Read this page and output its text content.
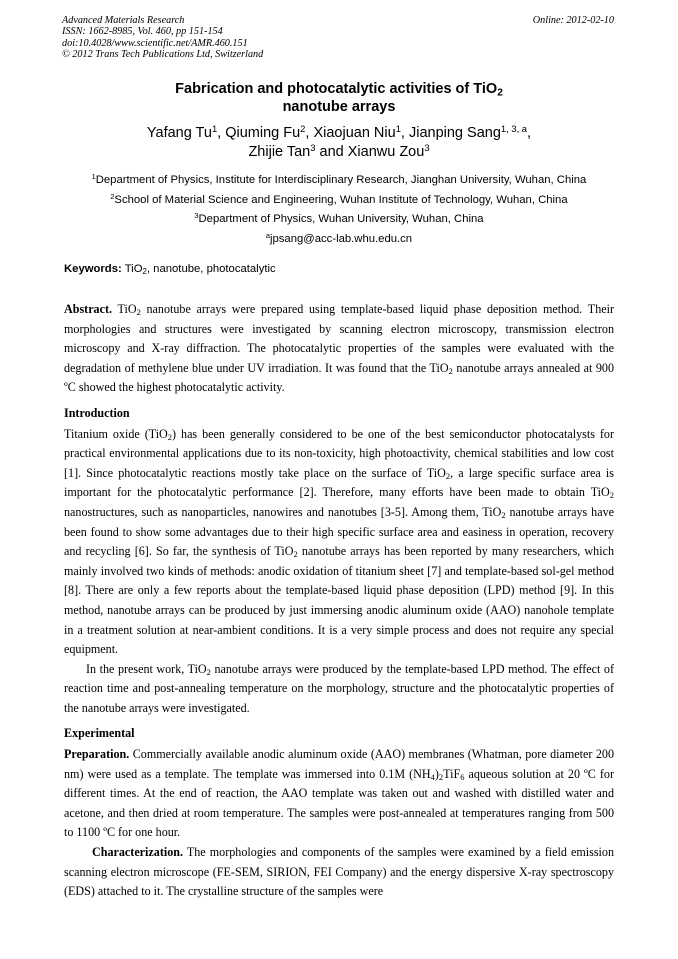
Advanced Materials Research
ISSN: 1662-8985, Vol. 460, pp 151-154
doi:10.4028/www.scientific.net/AMR.460.151
© 2012 Trans Tech Publications Ltd, Switzerland
Online: 2012-02-10
Fabrication and photocatalytic activities of TiO$_2$
nanotube arrays
Yafang Tu$^1$, Qiuming Fu$^2$, Xiaojuan Niu$^1$, Jianping Sang$^{1, 3, a}$,
Zhijie Tan$^3$ and Xianwu Zou$^3$
$^1$Department of Physics, Institute for Interdisciplinary Research, Jianghan University, Wuhan, China
$^2$School of Material Science and Engineering, Wuhan Institute of Technology, Wuhan, China
$^3$Department of Physics, Wuhan University, Wuhan, China
$^a$jpsang@acc-lab.whu.edu.cn
Keywords: TiO$_2$, nanotube, photocatalytic

Abstract. TiO$_2$ nanotube arrays were prepared using template-based liquid phase deposition method. Their morphologies and structures were investigated by scanning electron microscopy, transmission electron microscopy and X-ray diffraction. The photocatalytic properties of the samples were evaluated with the degradation of methylene blue under UV irradiation. It was found that the TiO$_2$ nanotube arrays annealed at 900 ºC showed the highest photocatalytic activity.

Introduction

Titanium oxide (TiO$_2$) has been generally considered to be one of the best semiconductor photocatalysts for practical environmental applications due to its non-toxicity, high photoactivity, chemical stabilities and low cost [1]. Since photocatalytic reactions mostly take place on the surface of TiO$_2$, a large specific surface area is important for the photocatalytic performance [2]. Therefore, many efforts have been made to obtain TiO$_2$ nanostructures, such as nanoparticles, nanowires and nanotubes [3-5]. Among them, TiO$_2$ nanotube arrays have been found to show some advantages due to their high specific surface area and easiness in operation, recovery and recycling [6]. So far, the synthesis of TiO$_2$ nanotube arrays has been reported by many researchers, which mainly involved two kinds of methods: anodic oxidation of titanium sheet [7] and template-based sol-gel method [8]. There are only a few reports about the template-based liquid phase deposition (LPD) method [9]. In this method, nanotube arrays can be produced by just immersing anodic aluminum oxide (AAO) nanohole template in a treatment solution at near-ambient conditions. It is a very simple process and does not require any special equipment.

In the present work, TiO$_2$ nanotube arrays were produced by the template-based LPD method. The effect of reaction time and post-annealing temperature on the morphology, structure and the photocatalytic properties of the nanotube arrays were investigated.

Experimental

Preparation. Commercially available anodic aluminum oxide (AAO) membranes (Whatman, pore diameter 200 nm) were used as a template. The template was immersed into 0.1M $(NH_4)_2TiF_6$ aqueous solution at 20 ºC for different times. At the end of reaction, the AAO template was taken out and washed with distilled water and acetone, and then dried at room temperature. The samples were post-annealed at temperatures ranging from 500 to 1100 ºC for one hour.

Characterization. The morphologies and components of the samples were examined by a field emission scanning electron microscope (FE-SEM, SIRION, FEI Company) and the energy dispersive X-ray spectroscopy (EDS) attached to it. The crystalline structure of the samples were
